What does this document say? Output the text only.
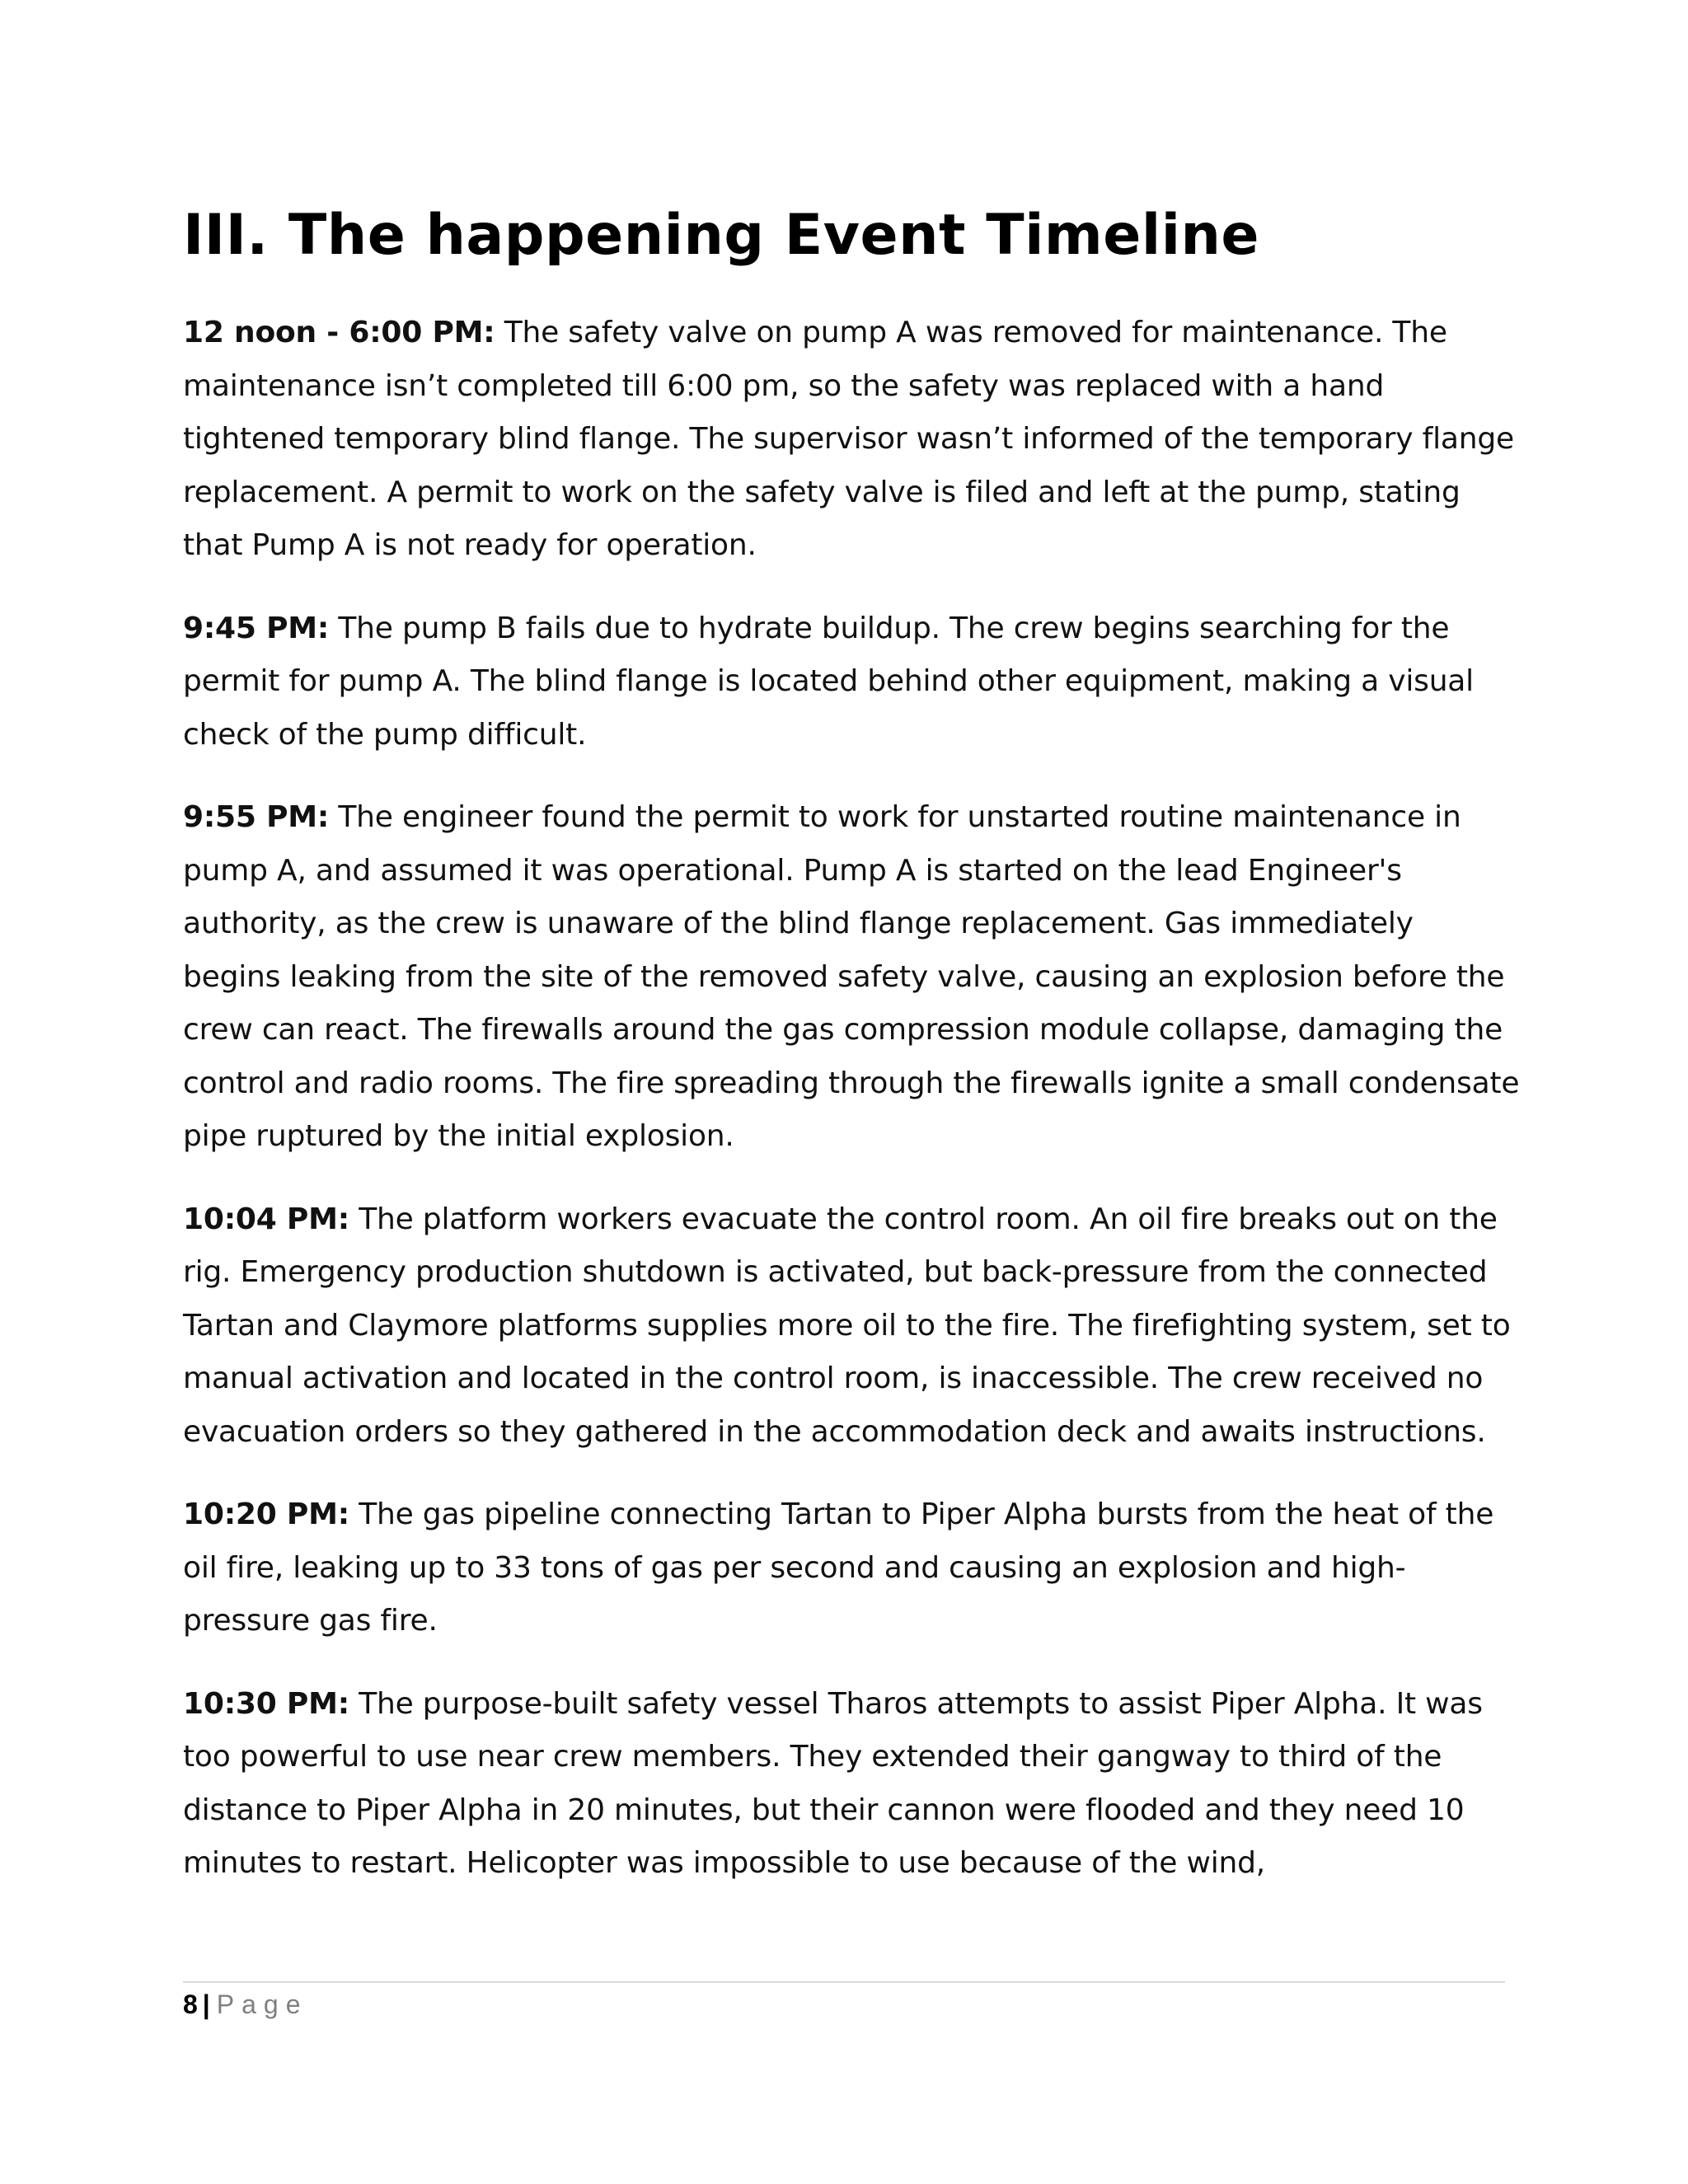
III. The happening Event Timeline

12 noon - 6:00 PM: The safety valve on pump A was removed for maintenance. The maintenance isn’t completed till 6:00 pm, so the safety was replaced with a hand tightened temporary blind flange. The supervisor wasn’t informed of the temporary flange replacement. A permit to work on the safety valve is filed and left at the pump, stating that Pump A is not ready for operation.

9:45 PM: The pump B fails due to hydrate buildup. The crew begins searching for the permit for pump A. The blind flange is located behind other equipment, making a visual check of the pump difficult.

9:55 PM: The engineer found the permit to work for unstarted routine maintenance in pump A, and assumed it was operational. Pump A is started on the lead Engineer's authority, as the crew is unaware of the blind flange replacement. Gas immediately begins leaking from the site of the removed safety valve, causing an explosion before the crew can react. The firewalls around the gas compression module collapse, damaging the control and radio rooms. The fire spreading through the firewalls ignite a small condensate pipe ruptured by the initial explosion.

10:04 PM: The platform workers evacuate the control room. An oil fire breaks out on the rig. Emergency production shutdown is activated, but back-pressure from the connected Tartan and Claymore platforms supplies more oil to the fire. The firefighting system, set to manual activation and located in the control room, is inaccessible. The crew received no evacuation orders so they gathered in the accommodation deck and awaits instructions.

10:20 PM: The gas pipeline connecting Tartan to Piper Alpha bursts from the heat of the oil fire, leaking up to 33 tons of gas per second and causing an explosion and high-pressure gas fire.

10:30 PM: The purpose-built safety vessel Tharos attempts to assist Piper Alpha. It was too powerful to use near crew members. They extended their gangway to third of the distance to Piper Alpha in 20 minutes, but their cannon were flooded and they need 10 minutes to restart. Helicopter was impossible to use because of the wind,

8 | Page
